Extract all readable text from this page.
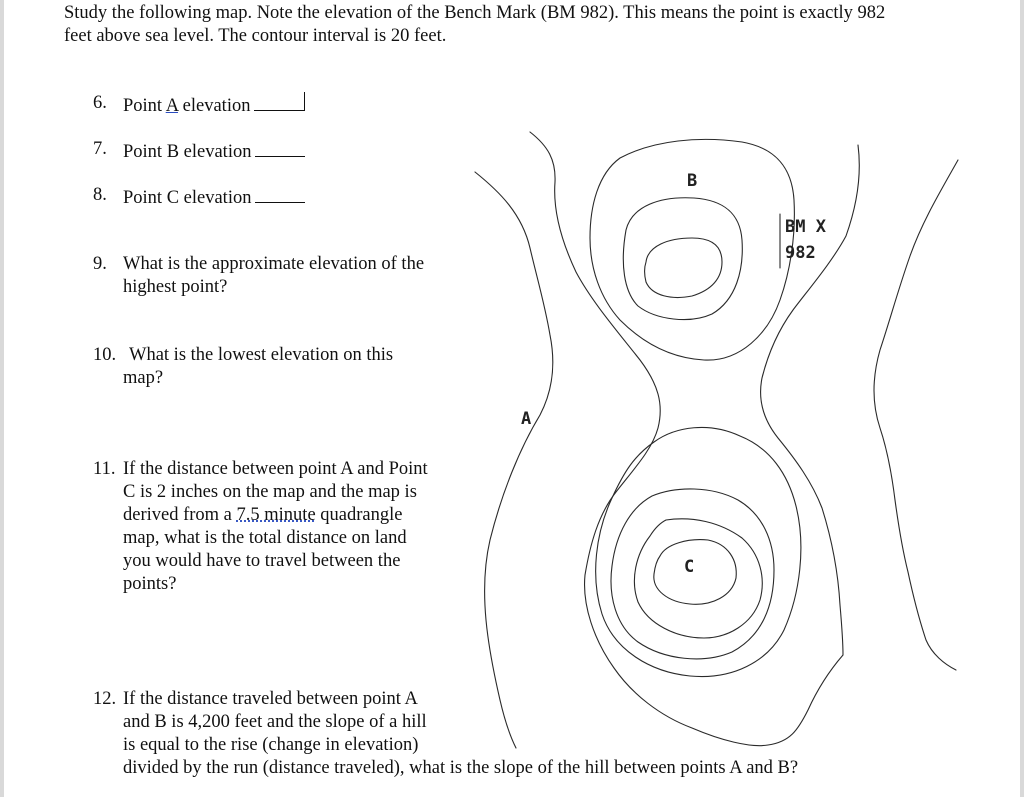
Study the following map. Note the elevation of the Bench Mark (BM 982). This means the point is exactly 982
feet above sea level. The contour interval is 20 feet.
6. Point A elevation
7. Point B elevation
8. Point C elevation
9. What is the approximate elevation of the
highest point?
10. What is the lowest elevation on this
map?
11. If the distance between point A and Point
C is 2 inches on the map and the map is
derived from a 7.5 minute quadrangle
map, what is the total distance on land
you would have to travel between the
points?
12. If the distance traveled between point A
and B is 4,200 feet and the slope of a hill
is equal to the rise (change in elevation)
divided by the run (distance traveled), what is the slope of the hill between points A and B?
A
B
C
BM X
982
